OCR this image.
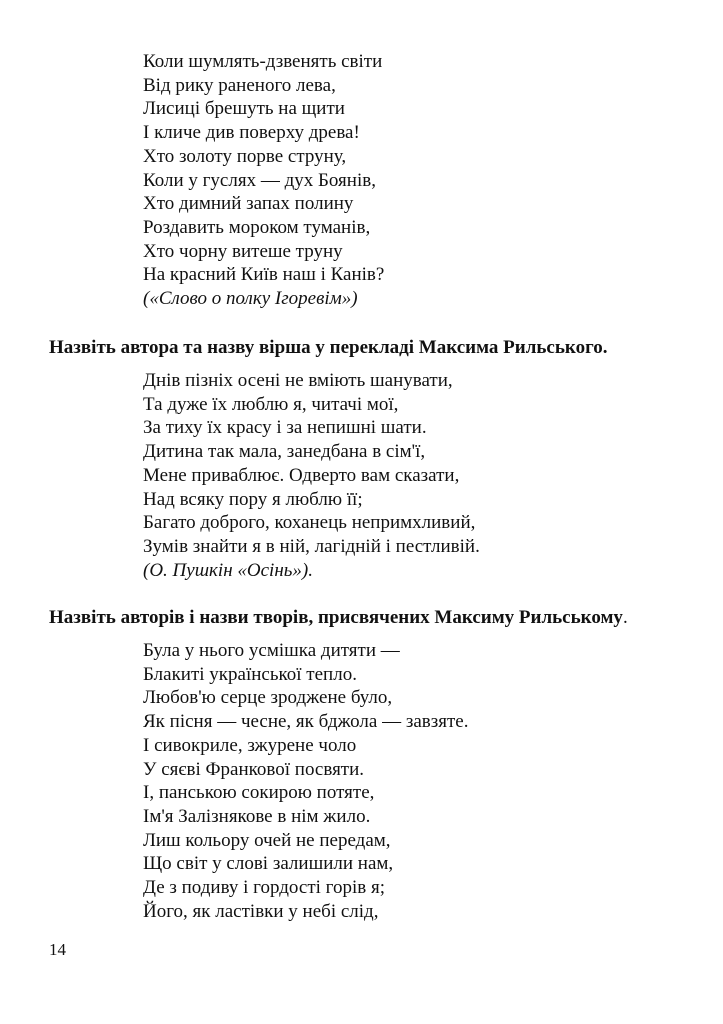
Коли шумлять-дзвенять світи
Від рику раненого лева,
Лисиці брешуть на щити
І кличе див поверху древа!
Хто золоту порве струну,
Коли у гуслях — дух Боянів,
Хто димний запах полину
Роздавить мороком туманів,
Хто чорну витеше труну
На красний Київ наш і Канів?
(«Слово о полку Ігоревім»)

Назвіть автора та назву вірша у перекладі Максима Рильського.

Днів пізніх осені не вміють шанувати,
Та дуже їх люблю я, читачі мої,
За тиху їх красу і за непишні шати.
Дитина так мала, занедбана в сім'ї,
Мене приваблює. Одверто вам сказати,
Над всяку пору я люблю її;
Багато доброго, коханець непримхливий,
Зумів знайти я в ній, лагідній і пестливій.
(О. Пушкін «Осінь»).

Назвіть авторів і назви творів, присвячених Максиму Рильському.

Була у нього усмішка дитяти —
Блакиті української тепло.
Любов'ю серце зроджене було,
Як пісня — чесне, як бджола — завзяте.
І сивокриле, зжурене чоло
У сяєві Франкової посвяти.
І, панською сокирою потяте,
Ім'я Залізнякове в нім жило.
Лиш кольору очей не передам,
Що світ у слові залишили нам,
Де з подиву і гордості горів я;
Його, як ластівки у небі слід,
14
